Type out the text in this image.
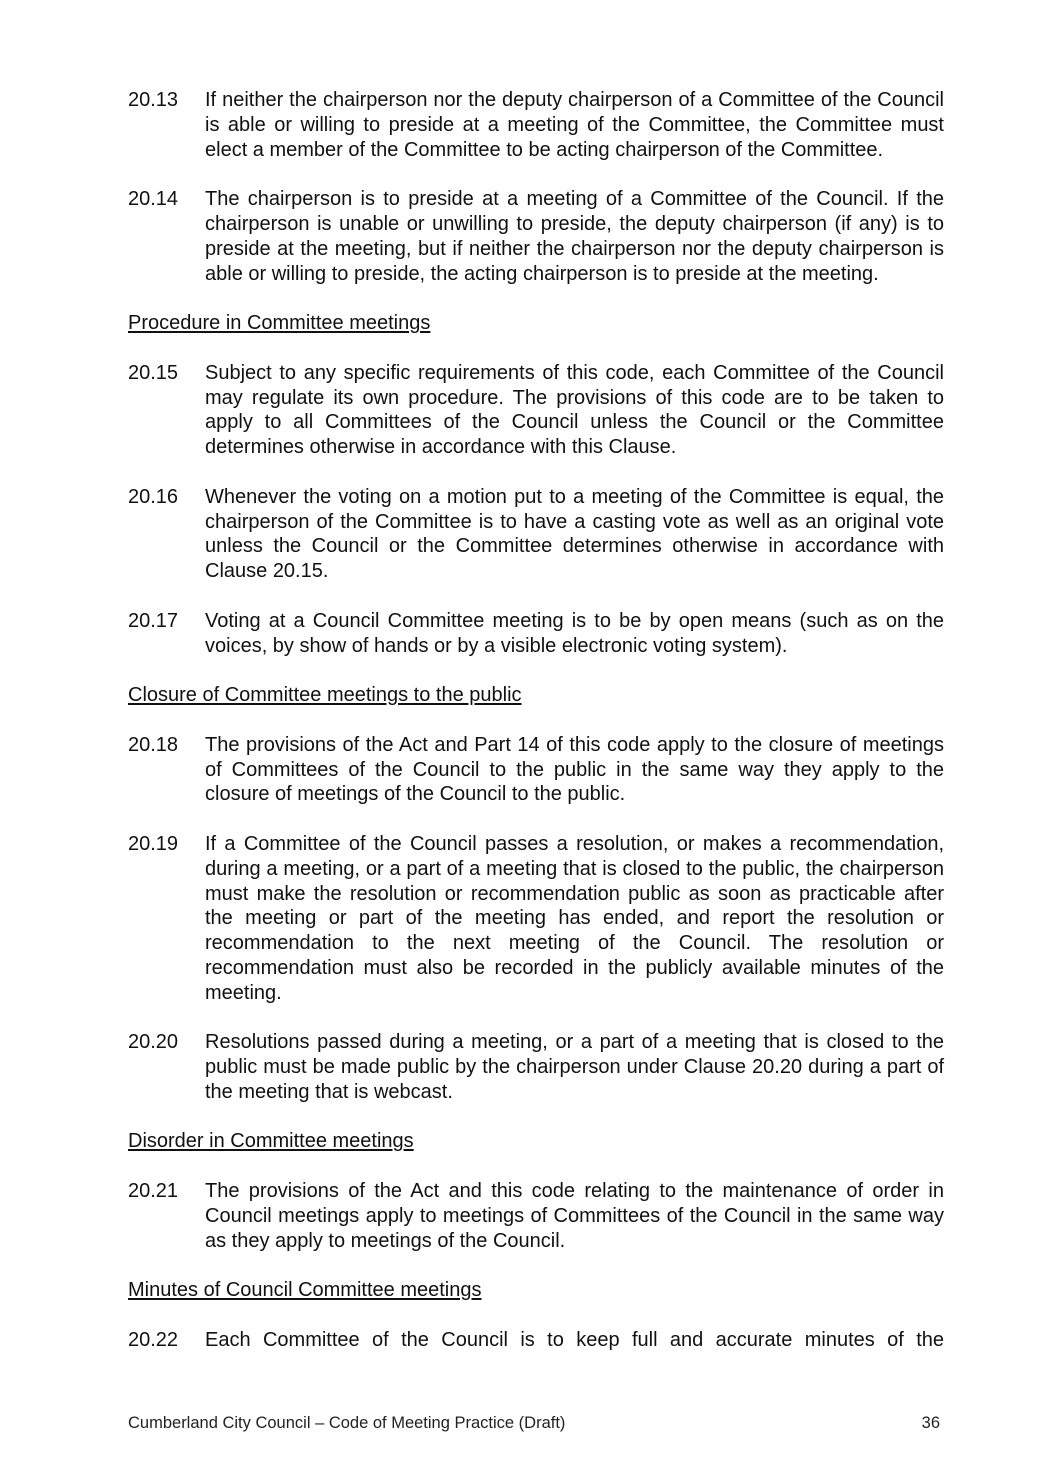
20.13	If neither the chairperson nor the deputy chairperson of a Committee of the Council is able or willing to preside at a meeting of the Committee, the Committee must elect a member of the Committee to be acting chairperson of the Committee.
20.14	The chairperson is to preside at a meeting of a Committee of the Council. If the chairperson is unable or unwilling to preside, the deputy chairperson (if any) is to preside at the meeting, but if neither the chairperson nor the deputy chairperson is able or willing to preside, the acting chairperson is to preside at the meeting.
Procedure in Committee meetings
20.15	Subject to any specific requirements of this code, each Committee of the Council may regulate its own procedure. The provisions of this code are to be taken to apply to all Committees of the Council unless the Council or the Committee determines otherwise in accordance with this Clause.
20.16	Whenever the voting on a motion put to a meeting of the Committee is equal, the chairperson of the Committee is to have a casting vote as well as an original vote unless the Council or the Committee determines otherwise in accordance with Clause 20.15.
20.17	Voting at a Council Committee meeting is to be by open means (such as on the voices, by show of hands or by a visible electronic voting system).
Closure of Committee meetings to the public
20.18	The provisions of the Act and Part 14 of this code apply to the closure of meetings of Committees of the Council to the public in the same way they apply to the closure of meetings of the Council to the public.
20.19	If a Committee of the Council passes a resolution, or makes a recommendation, during a meeting, or a part of a meeting that is closed to the public, the chairperson must make the resolution or recommendation public as soon as practicable after the meeting or part of the meeting has ended, and report the resolution or recommendation to the next meeting of the Council. The resolution or recommendation must also be recorded in the publicly available minutes of the meeting.
20.20	Resolutions passed during a meeting, or a part of a meeting that is closed to the public must be made public by the chairperson under Clause 20.20 during a part of the meeting that is webcast.
Disorder in Committee meetings
20.21	The provisions of the Act and this code relating to the maintenance of order in Council meetings apply to meetings of Committees of the Council in the same way as they apply to meetings of the Council.
Minutes of Council Committee meetings
20.22	Each Committee of the Council is to keep full and accurate minutes of the
Cumberland City Council – Code of Meeting Practice (Draft)	36
